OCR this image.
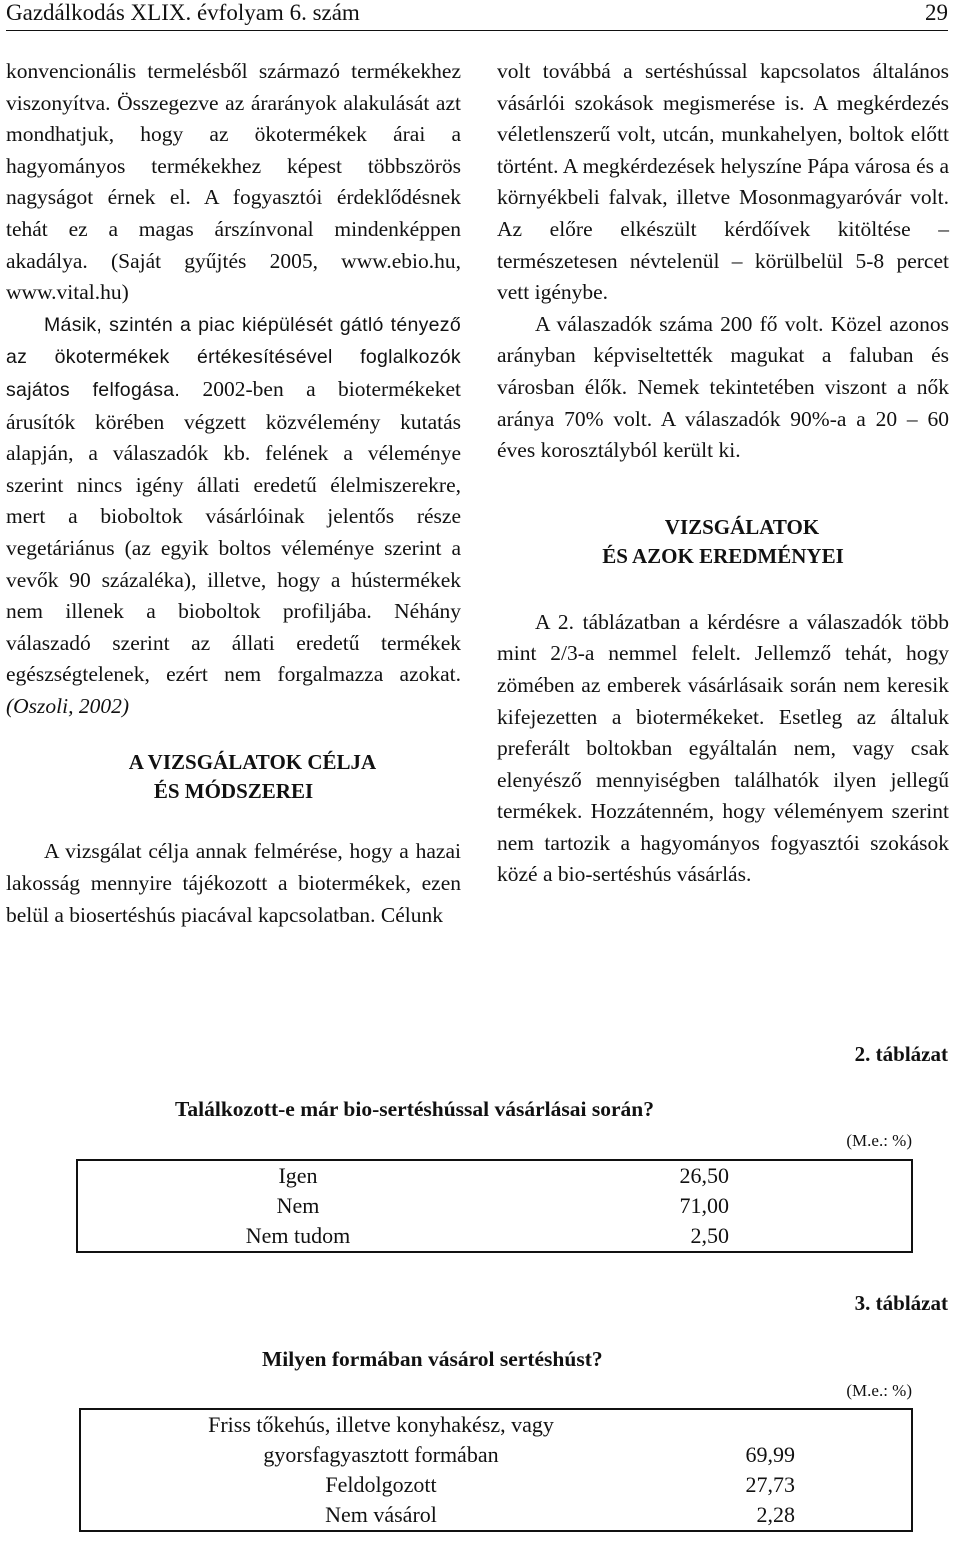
Gazdálkodás XLIX. évfolyam 6. szám	29

konvencionális termelésből származó termékekhez viszonyítva. Összegezve az árarányok alakulását azt mondhatjuk, hogy az ökotermékek árai a hagyományos termékekhez képest többszörös nagyságot érnek el. A fogyasztói érdeklődésnek tehát ez a magas árszínvonal mindenképpen akadálya. (Saját gyűjtés 2005, www.ebio.hu, www.vital.hu)

Másik, szintén a piac kiépülését gátló tényező az ökotermékek értékesítésével foglalkozók sajátos felfogása. 2002-ben a biotermékeket árusítók körében végzett közvélemény kutatás alapján, a válaszadók kb. felének a véleménye szerint nincs igény állati eredetű élelmiszerekre, mert a bioboltok vásárlóinak jelentős része vegetáriánus (az egyik boltos véleménye szerint a vevők 90 százaléka), illetve, hogy a hústermékek nem illenek a bioboltok profiljába. Néhány válaszadó szerint az állati eredetű termékek egészségtelenek, ezért nem forgalmazza azokat. (Oszoli, 2002)

A VIZSGÁLATOK CÉLJA
ÉS MÓDSZEREI

A vizsgálat célja annak felmérése, hogy a hazai lakosság mennyire tájékozott a biotermékek, ezen belül a biosertéshús piacával kapcsolatban. Célunk

volt továbbá a sertéshússal kapcsolatos általános vásárlói szokások megismerése is. A megkérdezés véletlenszerű volt, utcán, munkahelyen, boltok előtt történt. A megkérdezések helyszíne Pápa városa és a környékbeli falvak, illetve Mosonmagyaróvár volt. Az előre elkészült kérdőívek kitöltése – természetesen névtelenül – körülbelül 5-8 percet vett igénybe.

A válaszadók száma 200 fő volt. Közel azonos arányban képviseltették magukat a faluban és városban élők. Nemek tekintetében viszont a nők aránya 70% volt. A válaszadók 90%-a a 20 – 60 éves korosztályból került ki.

VIZSGÁLATOK
ÉS AZOK EREDMÉNYEI

A 2. táblázatban a kérdésre a válaszadók több mint 2/3-a nemmel felelt. Jellemző tehát, hogy zömében az emberek vásárlásaik során nem keresik kifejezetten a biotermékeket. Esetleg az általuk preferált boltokban egyáltalán nem, vagy csak elenyésző mennyiségben találhatók ilyen jellegű termékek. Hozzátenném, hogy véleményem szerint nem tartozik a hagyományos fogyasztói szokások közé a bio-sertéshús vásárlás.

2. táblázat
Találkozott-e már bio-sertéshússal vásárlásai során?
(M.e.: %)
Igen	26,50
Nem	71,00
Nem tudom	2,50
3. táblázat
Milyen formában vásárol sertéshúst?
(M.e.: %)
Friss tőkehús, illetve konyhakész, vagy
gyorsfagyasztott formában	69,99
Feldolgozott	27,73
Nem vásárol	2,28
